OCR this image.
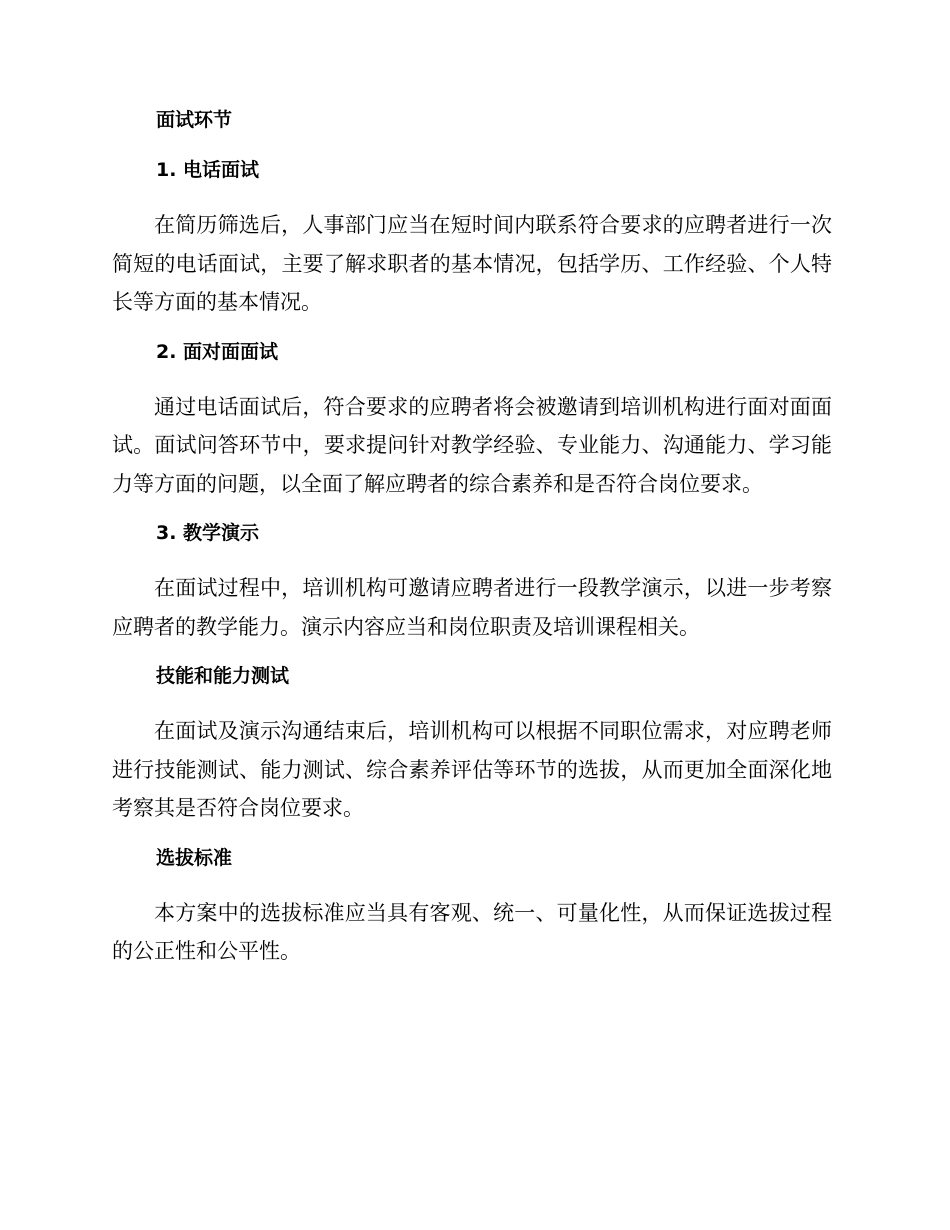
面试环节
1. 电话面试

在简历筛选后，人事部门应当在短时间内联系符合要求的应聘者进行一次简短的电话面试，主要了解求职者的基本情况，包括学历、工作经验、个人特长等方面的基本情况。

2. 面对面面试

通过电话面试后，符合要求的应聘者将会被邀请到培训机构进行面对面面试。面试问答环节中，要求提问针对教学经验、专业能力、沟通能力、学习能力等方面的问题，以全面了解应聘者的综合素养和是否符合岗位要求。

3. 教学演示

在面试过程中，培训机构可邀请应聘者进行一段教学演示，以进一步考察应聘者的教学能力。演示内容应当和岗位职责及培训课程相关。

技能和能力测试

在面试及演示沟通结束后，培训机构可以根据不同职位需求，对应聘老师进行技能测试、能力测试、综合素养评估等环节的选拔，从而更加全面深化地考察其是否符合岗位要求。

选拔标准

本方案中的选拔标准应当具有客观、统一、可量化性，从而保证选拔过程的公正性和公平性。
